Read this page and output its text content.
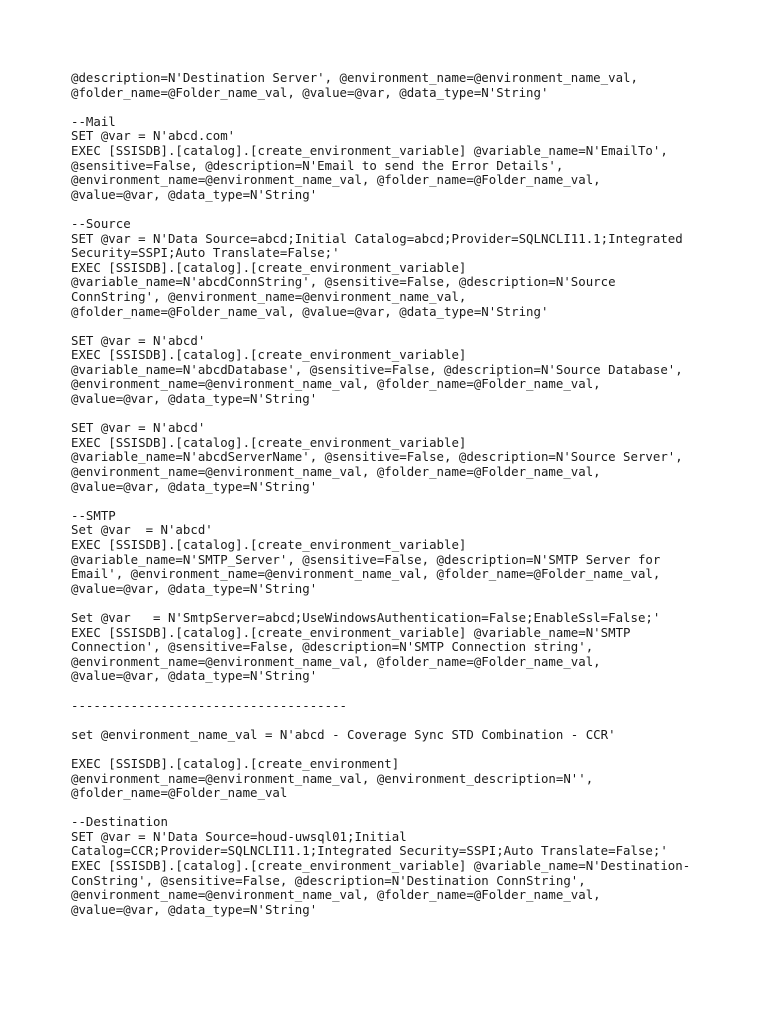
@description=N'Destination Server', @environment_name=@environment_name_val,
@folder_name=@Folder_name_val, @value=@var, @data_type=N'String'
--Mail
SET @var = N'abcd.com'
EXEC [SSISDB].[catalog].[create_environment_variable] @variable_name=N'EmailTo',
@sensitive=False, @description=N'Email to send the Error Details',
@environment_name=@environment_name_val, @folder_name=@Folder_name_val,
@value=@var, @data_type=N'String'
--Source
SET @var = N'Data Source=abcd;Initial Catalog=abcd;Provider=SQLNCLI11.1;Integrated
Security=SSPI;Auto Translate=False;'
EXEC [SSISDB].[catalog].[create_environment_variable]
@variable_name=N'abcdConnString', @sensitive=False, @description=N'Source
ConnString', @environment_name=@environment_name_val,
@folder_name=@Folder_name_val, @value=@var, @data_type=N'String'
SET @var = N'abcd'
EXEC [SSISDB].[catalog].[create_environment_variable]
@variable_name=N'abcdDatabase', @sensitive=False, @description=N'Source Database',
@environment_name=@environment_name_val, @folder_name=@Folder_name_val,
@value=@var, @data_type=N'String'
SET @var = N'abcd'
EXEC [SSISDB].[catalog].[create_environment_variable]
@variable_name=N'abcdServerName', @sensitive=False, @description=N'Source Server',
@environment_name=@environment_name_val, @folder_name=@Folder_name_val,
@value=@var, @data_type=N'String'
--SMTP
Set @var  = N'abcd'
EXEC [SSISDB].[catalog].[create_environment_variable]
@variable_name=N'SMTP_Server', @sensitive=False, @description=N'SMTP Server for
Email', @environment_name=@environment_name_val, @folder_name=@Folder_name_val,
@value=@var, @data_type=N'String'
Set @var   = N'SmtpServer=abcd;UseWindowsAuthentication=False;EnableSsl=False;'
EXEC [SSISDB].[catalog].[create_environment_variable] @variable_name=N'SMTP
Connection', @sensitive=False, @description=N'SMTP Connection string',
@environment_name=@environment_name_val, @folder_name=@Folder_name_val,
@value=@var, @data_type=N'String'
-------------------------------------
set @environment_name_val = N'abcd - Coverage Sync STD Combination - CCR'
EXEC [SSISDB].[catalog].[create_environment]
@environment_name=@environment_name_val, @environment_description=N'',
@folder_name=@Folder_name_val
--Destination
SET @var = N'Data Source=houd-uwsql01;Initial
Catalog=CCR;Provider=SQLNCLI11.1;Integrated Security=SSPI;Auto Translate=False;'
EXEC [SSISDB].[catalog].[create_environment_variable] @variable_name=N'Destination-
ConString', @sensitive=False, @description=N'Destination ConnString',
@environment_name=@environment_name_val, @folder_name=@Folder_name_val,
@value=@var, @data_type=N'String'
